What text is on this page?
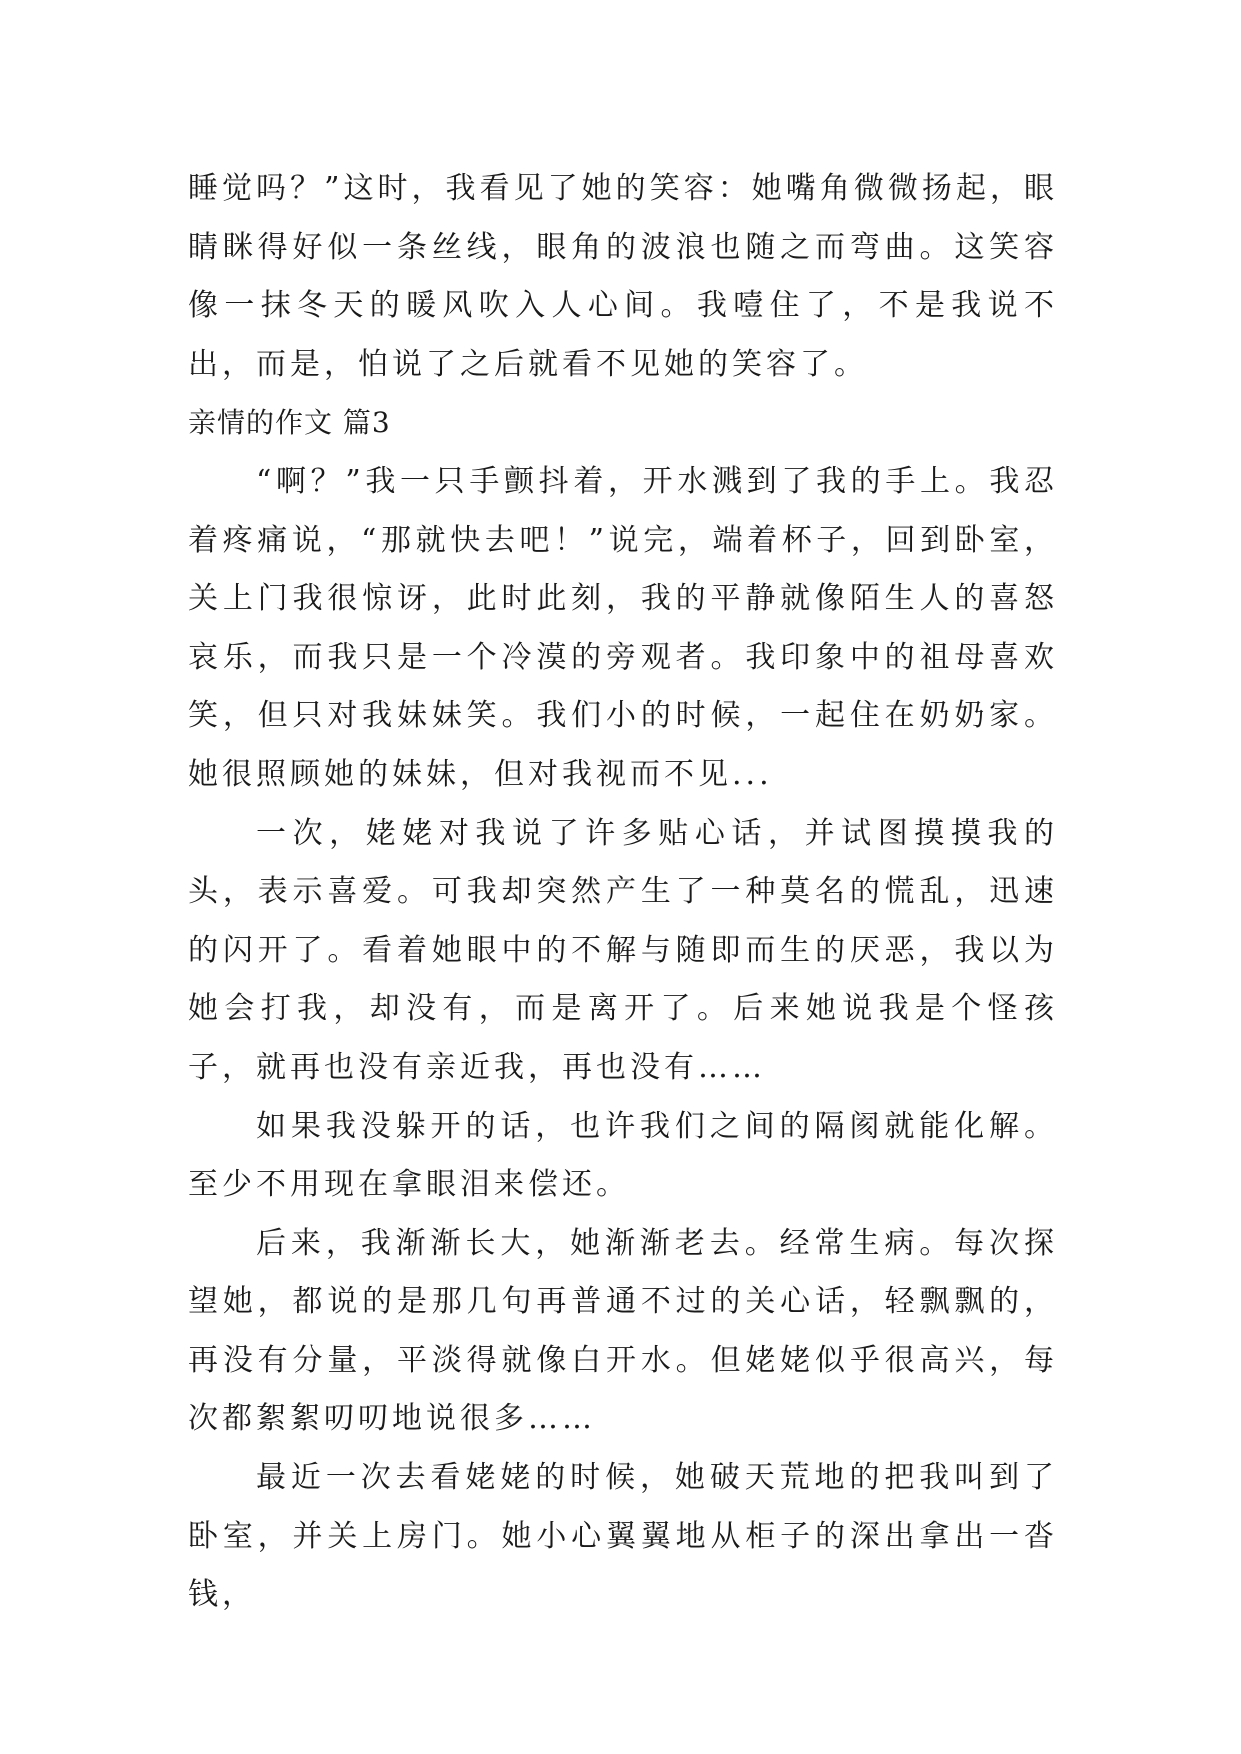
睡觉吗？”这时，我看见了她的笑容：她嘴角微微扬起，眼睛眯得好似一条丝线，眼角的波浪也随之而弯曲。这笑容像一抹冬天的暖风吹入人心间。我噎住了，不是我说不出，而是，怕说了之后就看不见她的笑容了。

亲情的作文 篇3

“啊？”我一只手颤抖着，开水溅到了我的手上。我忍着疼痛说，“那就快去吧！”说完，端着杯子，回到卧室，关上门我很惊讶，此时此刻，我的平静就像陌生人的喜怒哀乐，而我只是一个冷漠的旁观者。我印象中的祖母喜欢笑，但只对我妹妹笑。我们小的时候，一起住在奶奶家。她很照顾她的妹妹，但对我视而不见...

一次，姥姥对我说了许多贴心话，并试图摸摸我的头，表示喜爱。可我却突然产生了一种莫名的慌乱，迅速的闪开了。看着她眼中的不解与随即而生的厌恶，我以为她会打我，却没有，而是离开了。后来她说我是个怪孩子，就再也没有亲近我，再也没有……

如果我没躲开的话，也许我们之间的隔阂就能化解。至少不用现在拿眼泪来偿还。

后来，我渐渐长大，她渐渐老去。经常生病。每次探望她，都说的是那几句再普通不过的关心话，轻飘飘的，再没有分量，平淡得就像白开水。但姥姥似乎很高兴，每次都絮絮叨叨地说很多……

最近一次去看姥姥的时候，她破天荒地的把我叫到了卧室，并关上房门。她小心翼翼地从柜子的深出拿出一沓钱，
